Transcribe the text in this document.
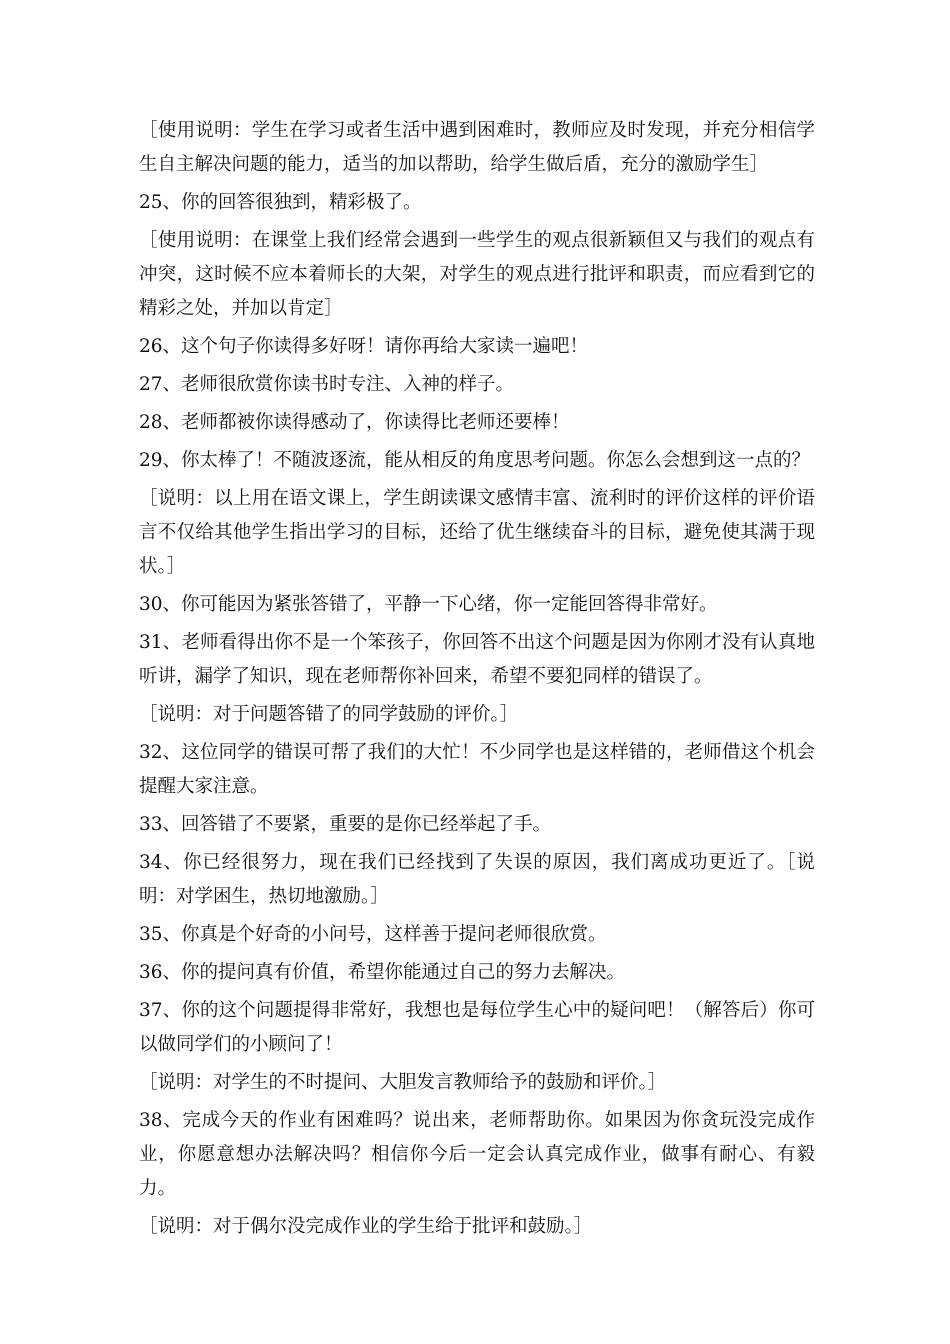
［使用说明：学生在学习或者生活中遇到困难时，教师应及时发现，并充分相信学生自主解决问题的能力，适当的加以帮助，给学生做后盾，充分的激励学生］

25、你的回答很独到，精彩极了。

［使用说明：在课堂上我们经常会遇到一些学生的观点很新颖但又与我们的观点有冲突，这时候不应本着师长的大架，对学生的观点进行批评和职责，而应看到它的精彩之处，并加以肯定］

26、这个句子你读得多好呀！请你再给大家读一遍吧！

27、老师很欣赏你读书时专注、入神的样子。

28、老师都被你读得感动了，你读得比老师还要棒！

29、你太棒了！不随波逐流，能从相反的角度思考问题。你怎么会想到这一点的？

［说明：以上用在语文课上，学生朗读课文感情丰富、流利时的评价这样的评价语言不仅给其他学生指出学习的目标，还给了优生继续奋斗的目标，避免使其满于现状。］

30、你可能因为紧张答错了，平静一下心绪，你一定能回答得非常好。

31、老师看得出你不是一个笨孩子，你回答不出这个问题是因为你刚才没有认真地听讲，漏学了知识，现在老师帮你补回来，希望不要犯同样的错误了。

［说明：对于问题答错了的同学鼓励的评价。］

32、这位同学的错误可帮了我们的大忙！不少同学也是这样错的，老师借这个机会提醒大家注意。

33、回答错了不要紧，重要的是你已经举起了手。

34、你已经很努力，现在我们已经找到了失误的原因，我们离成功更近了。［说明：对学困生，热切地激励。］

35、你真是个好奇的小问号，这样善于提问老师很欣赏。

36、你的提问真有价值，希望你能通过自己的努力去解决。

37、你的这个问题提得非常好，我想也是每位学生心中的疑问吧！（解答后）你可以做同学们的小顾问了！

［说明：对学生的不时提问、大胆发言教师给予的鼓励和评价。］

38、完成今天的作业有困难吗？说出来，老师帮助你。如果因为你贪玩没完成作业，你愿意想办法解决吗？相信你今后一定会认真完成作业，做事有耐心、有毅力。

［说明：对于偶尔没完成作业的学生给于批评和鼓励。］
